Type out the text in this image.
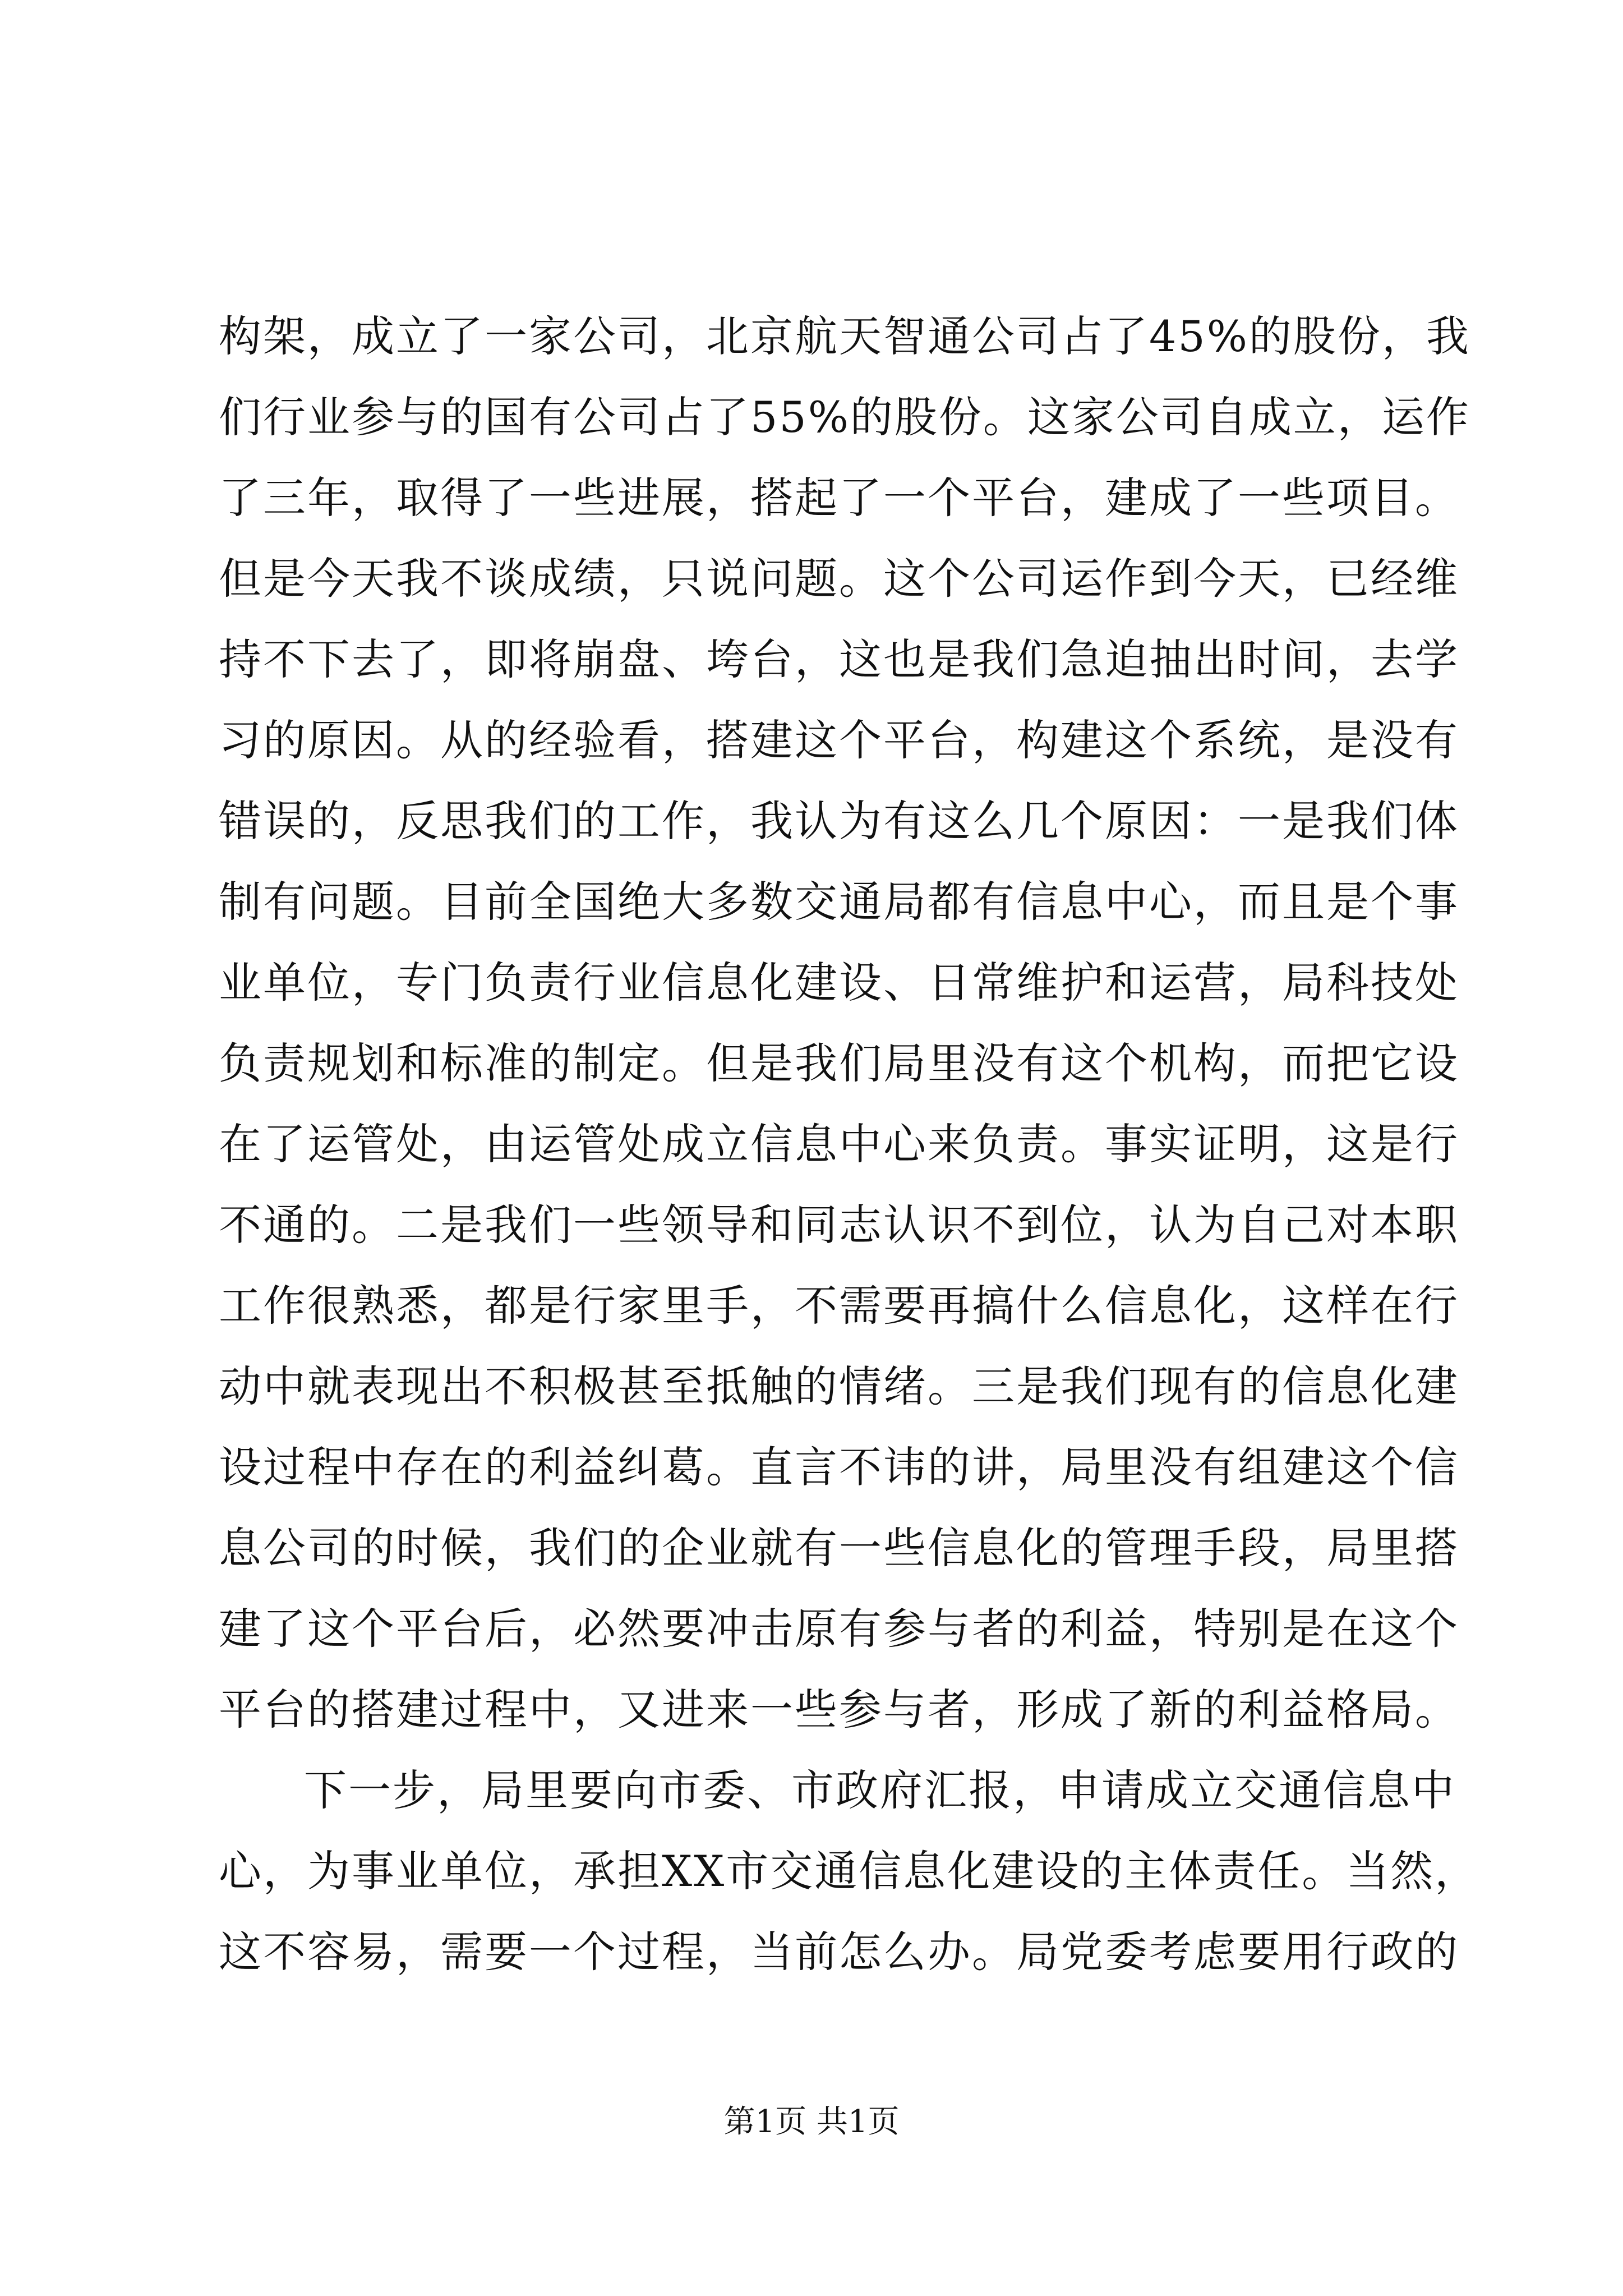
构架，成立了一家公司，北京航天智通公司占了45%的股份，我
们行业参与的国有公司占了55%的股份。这家公司自成立，运作
了三年，取得了一些进展，搭起了一个平台，建成了一些项目。
但是今天我不谈成绩，只说问题。这个公司运作到今天，已经维
持不下去了，即将崩盘、垮台，这也是我们急迫抽出时间，去学
习的原因。从的经验看，搭建这个平台，构建这个系统，是没有
错误的，反思我们的工作，我认为有这么几个原因：一是我们体
制有问题。目前全国绝大多数交通局都有信息中心，而且是个事
业单位，专门负责行业信息化建设、日常维护和运营，局科技处
负责规划和标准的制定。但是我们局里没有这个机构，而把它设
在了运管处，由运管处成立信息中心来负责。事实证明，这是行
不通的。二是我们一些领导和同志认识不到位，认为自己对本职
工作很熟悉，都是行家里手，不需要再搞什么信息化，这样在行
动中就表现出不积极甚至抵触的情绪。三是我们现有的信息化建
设过程中存在的利益纠葛。直言不讳的讲，局里没有组建这个信
息公司的时候，我们的企业就有一些信息化的管理手段，局里搭
建了这个平台后，必然要冲击原有参与者的利益，特别是在这个
平台的搭建过程中，又进来一些参与者，形成了新的利益格局。
下一步，局里要向市委、市政府汇报，申请成立交通信息中
心，为事业单位，承担XX市交通信息化建设的主体责任。当然，
这不容易，需要一个过程，当前怎么办。局党委考虑要用行政的
第1页 共1页
